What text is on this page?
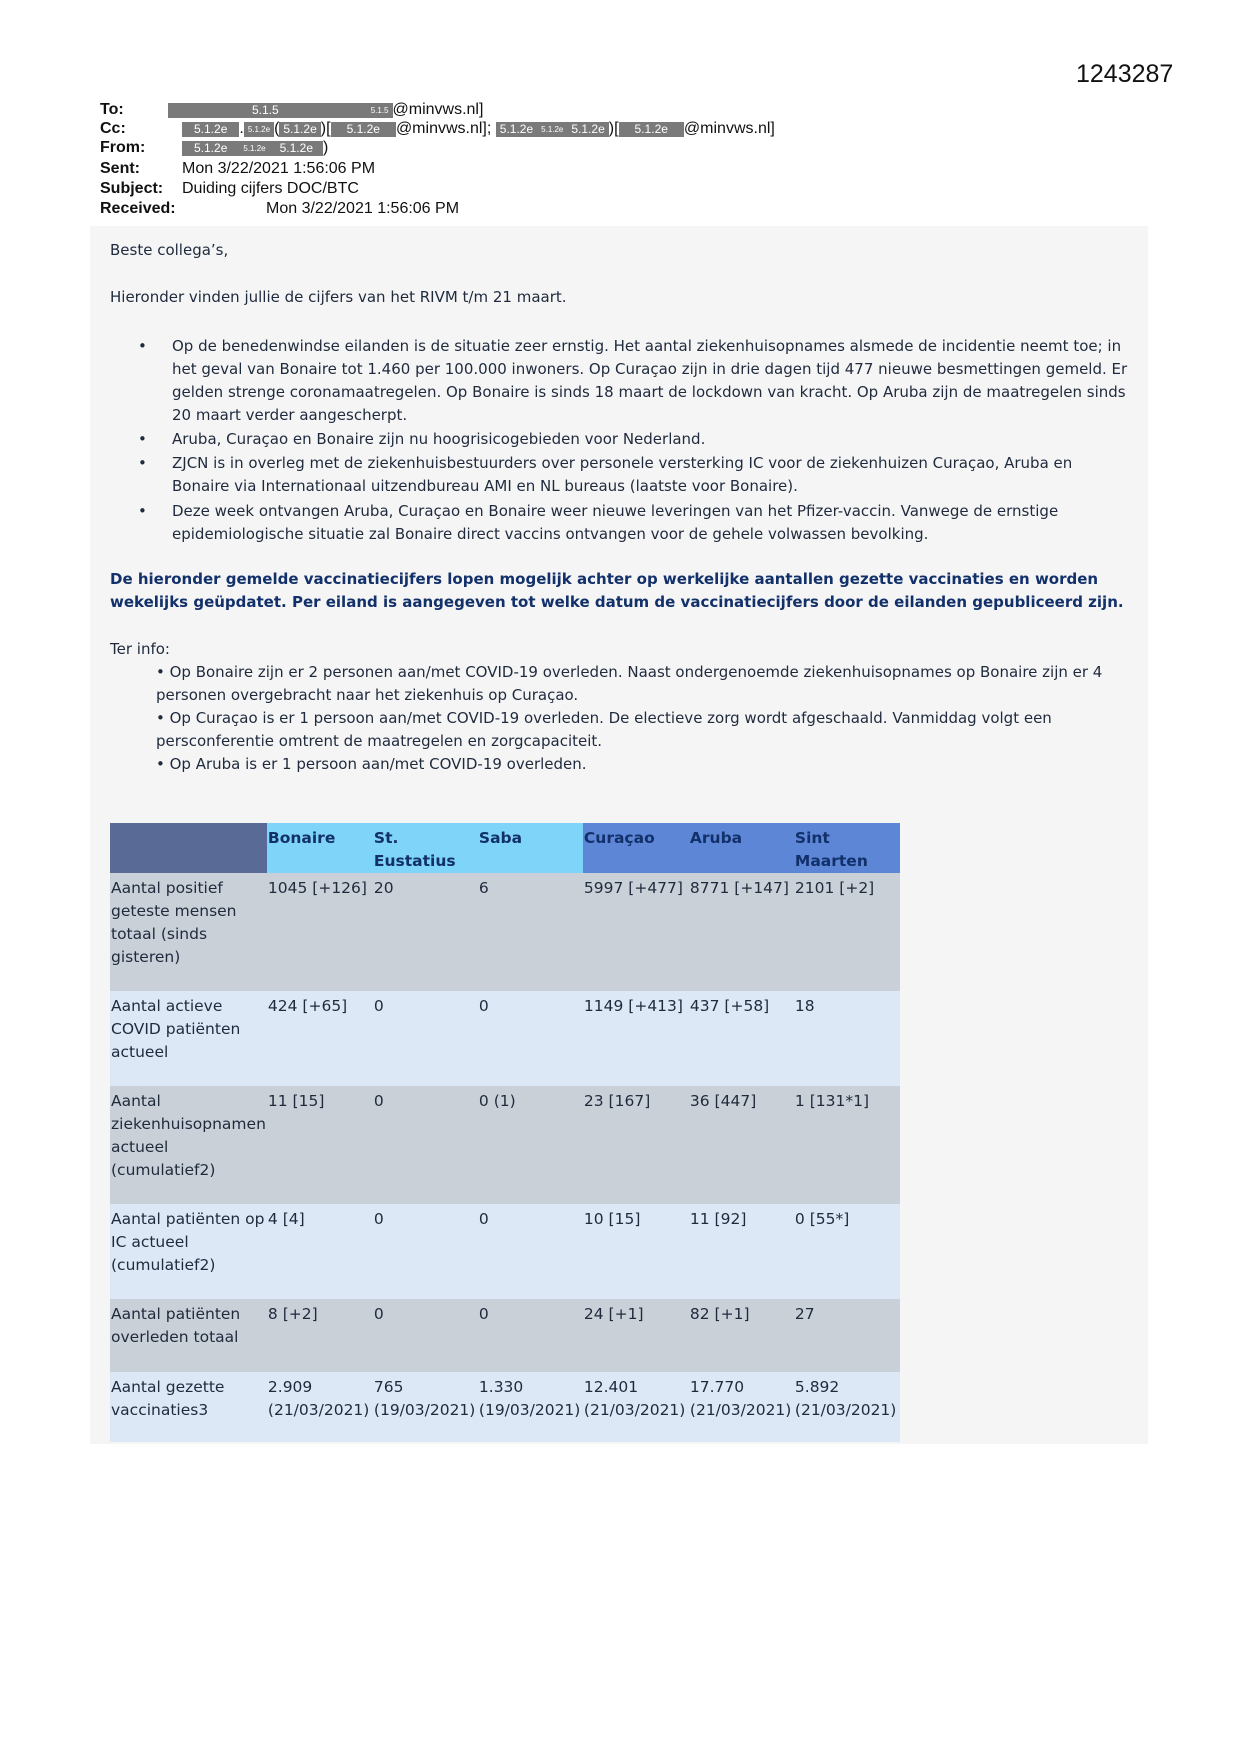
1243287
To:	5.1.5	5.1.5 @minvws.nl]
Cc:	5.1.2e . 5.1.2e ( 5.1.2e )[ 5.1.2e @minvws.nl]; 5.1.2e 5.1.2e 5.1.2e )[ 5.1.2e @minvws.nl]
From:	5.1.2e 5.1.2e 5.1.2e )
Sent:	Mon 3/22/2021 1:56:06 PM
Subject: Duiding cijfers DOC/BTC
Received:	Mon 3/22/2021 1:56:06 PM
Beste collega’s,
Hieronder vinden jullie de cijfers van het RIVM t/m 21 maart.
•	Op de benedenwindse eilanden is de situatie zeer ernstig. Het aantal ziekenhuisopnames alsmede de incidentie neemt toe; in het geval van Bonaire tot 1.460 per 100.000 inwoners. Op Curaçao zijn in drie dagen tijd 477 nieuwe besmettingen gemeld. Er gelden strenge coronamaatregelen. Op Bonaire is sinds 18 maart de lockdown van kracht. Op Aruba zijn de maatregelen sinds 20 maart verder aangescherpt.
•	Aruba, Curaçao en Bonaire zijn nu hoogrisicogebieden voor Nederland.
•	ZJCN is in overleg met de ziekenhuisbestuurders over personele versterking IC voor de ziekenhuizen Curaçao, Aruba en Bonaire via Internationaal uitzendbureau AMI en NL bureaus (laatste voor Bonaire).
•	Deze week ontvangen Aruba, Curaçao en Bonaire weer nieuwe leveringen van het Pfizer-vaccin. Vanwege de ernstige epidemiologische situatie zal Bonaire direct vaccins ontvangen voor de gehele volwassen bevolking.
De hieronder gemelde vaccinatiecijfers lopen mogelijk achter op werkelijke aantallen gezette vaccinaties en worden wekelijks geüpdatet. Per eiland is aangegeven tot welke datum de vaccinatiecijfers door de eilanden gepubliceerd zijn.
Ter info:
• Op Bonaire zijn er 2 personen aan/met COVID-19 overleden. Naast ondergenoemde ziekenhuisopnames op Bonaire zijn er 4 personen overgebracht naar het ziekenhuis op Curaçao.
• Op Curaçao is er 1 persoon aan/met COVID-19 overleden. De electieve zorg wordt afgeschaald. Vanmiddag volgt een persconferentie omtrent de maatregelen en zorgcapaciteit.
• Op Aruba is er 1 persoon aan/met COVID-19 overleden.
	Bonaire	St. Eustatius	Saba	Curaçao	Aruba	Sint Maarten
Aantal positief geteste mensen totaal (sinds gisteren)	1045 [+126]	20	6	5997 [+477]	8771 [+147]	2101 [+2]
Aantal actieve COVID patiënten actueel	424 [+65]	0	0	1149 [+413]	437 [+58]	18
Aantal ziekenhuisopnamen actueel (cumulatief2)	11 [15]	0	0 (1)	23 [167]	36 [447]	1 [131*1]
Aantal patiënten op IC actueel (cumulatief2)	4 [4]	0	0	10 [15]	11 [92]	0 [55*]
Aantal patiënten overleden totaal	8 [+2]	0	0	24 [+1]	82 [+1]	27
Aantal gezette vaccinaties3	2.909 (21/03/2021)	765 (19/03/2021)	1.330 (19/03/2021)	12.401 (21/03/2021)	17.770 (21/03/2021)	5.892 (21/03/2021)
